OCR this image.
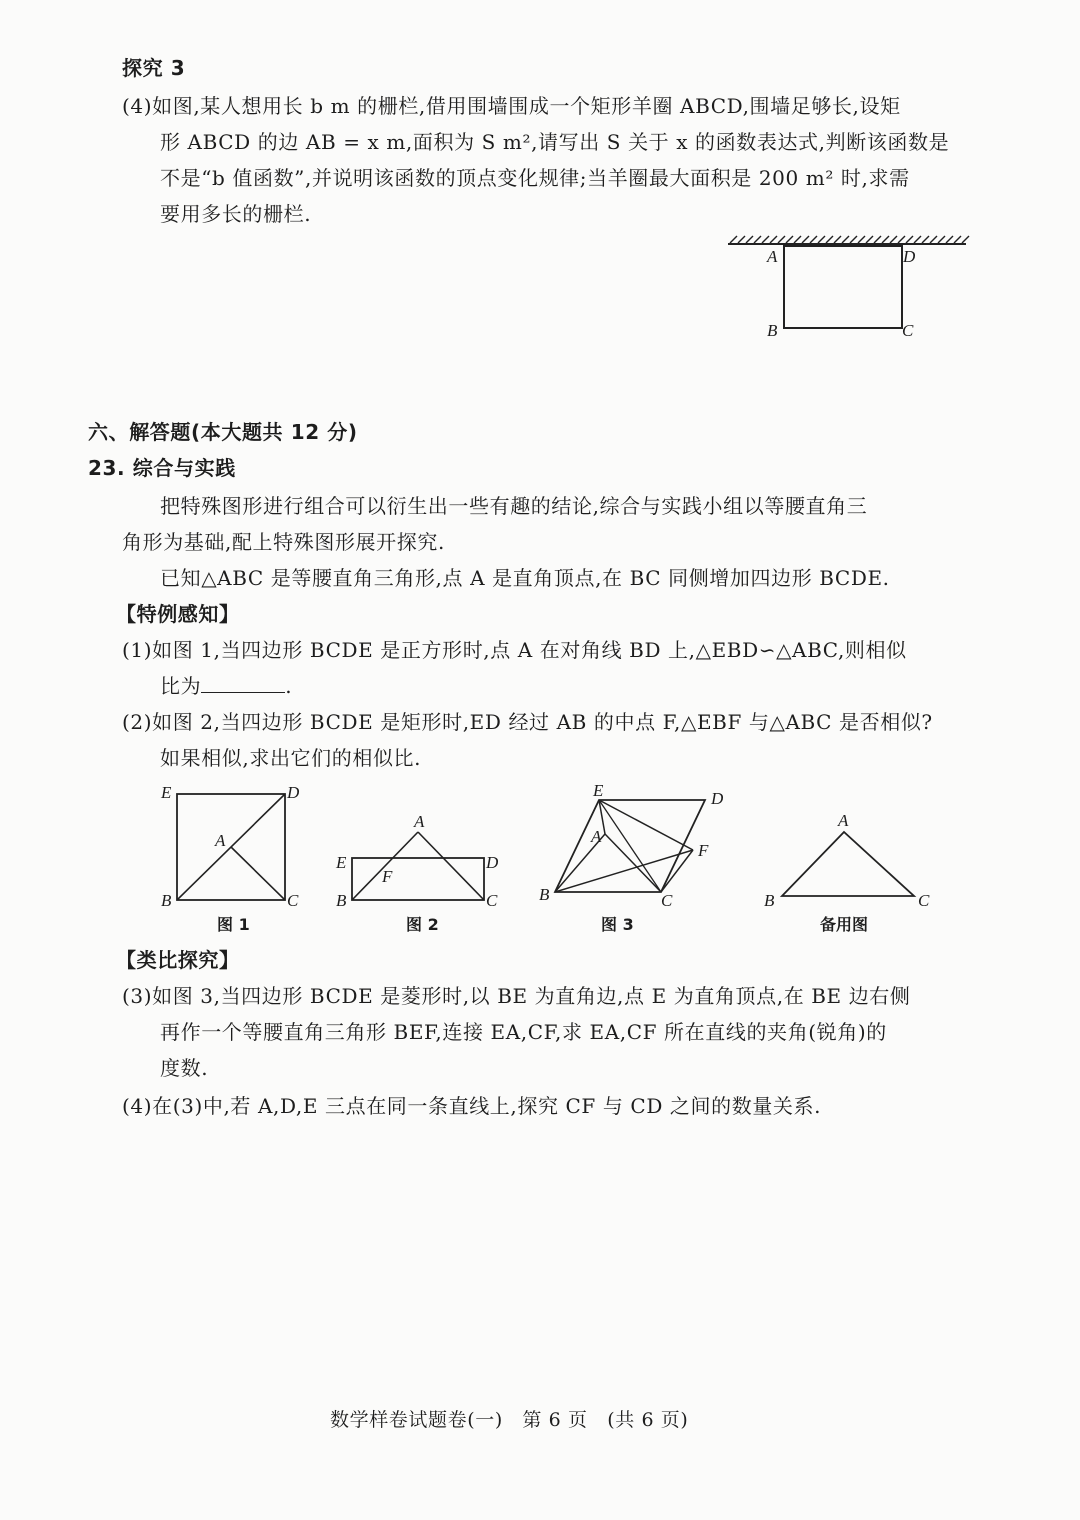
探究 3
(4)如图,某人想用长 b m 的栅栏,借用围墙围成一个矩形羊圈 ABCD,围墙足够长,设矩
形 ABCD 的边 AB = x m,面积为 S m²,请写出 S 关于 x 的函数表达式,判断该函数是
不是“b 值函数”,并说明该函数的顶点变化规律;当羊圈最大面积是 200 m² 时,求需
要用多长的栅栏.
A	D
B	C
六、解答题(本大题共 12 分)
23. 综合与实践
把特殊图形进行组合可以衍生出一些有趣的结论,综合与实践小组以等腰直角三
角形为基础,配上特殊图形展开探究.
已知△ABC 是等腰直角三角形,点 A 是直角顶点,在 BC 同侧增加四边形 BCDE.
【特例感知】
(1)如图 1,当四边形 BCDE 是正方形时,点 A 在对角线 BD 上,△EBD∽△ABC,则相似
比为	.
(2)如图 2,当四边形 BCDE 是矩形时,ED 经过 AB 的中点 F,△EBF 与△ABC 是否相似?
如果相似,求出它们的相似比.
E	D
A
B	C
图 1
A
E	D
F
B	C
图 2
E	D
A
F
B	C
图 3
A
B	C
备用图
【类比探究】
(3)如图 3,当四边形 BCDE 是菱形时,以 BE 为直角边,点 E 为直角顶点,在 BE 边右侧
再作一个等腰直角三角形 BEF,连接 EA,CF,求 EA,CF 所在直线的夹角(锐角)的
度数.
(4)在(3)中,若 A,D,E 三点在同一条直线上,探究 CF 与 CD 之间的数量关系.
数学样卷试题卷(一)　第 6 页　(共 6 页)
